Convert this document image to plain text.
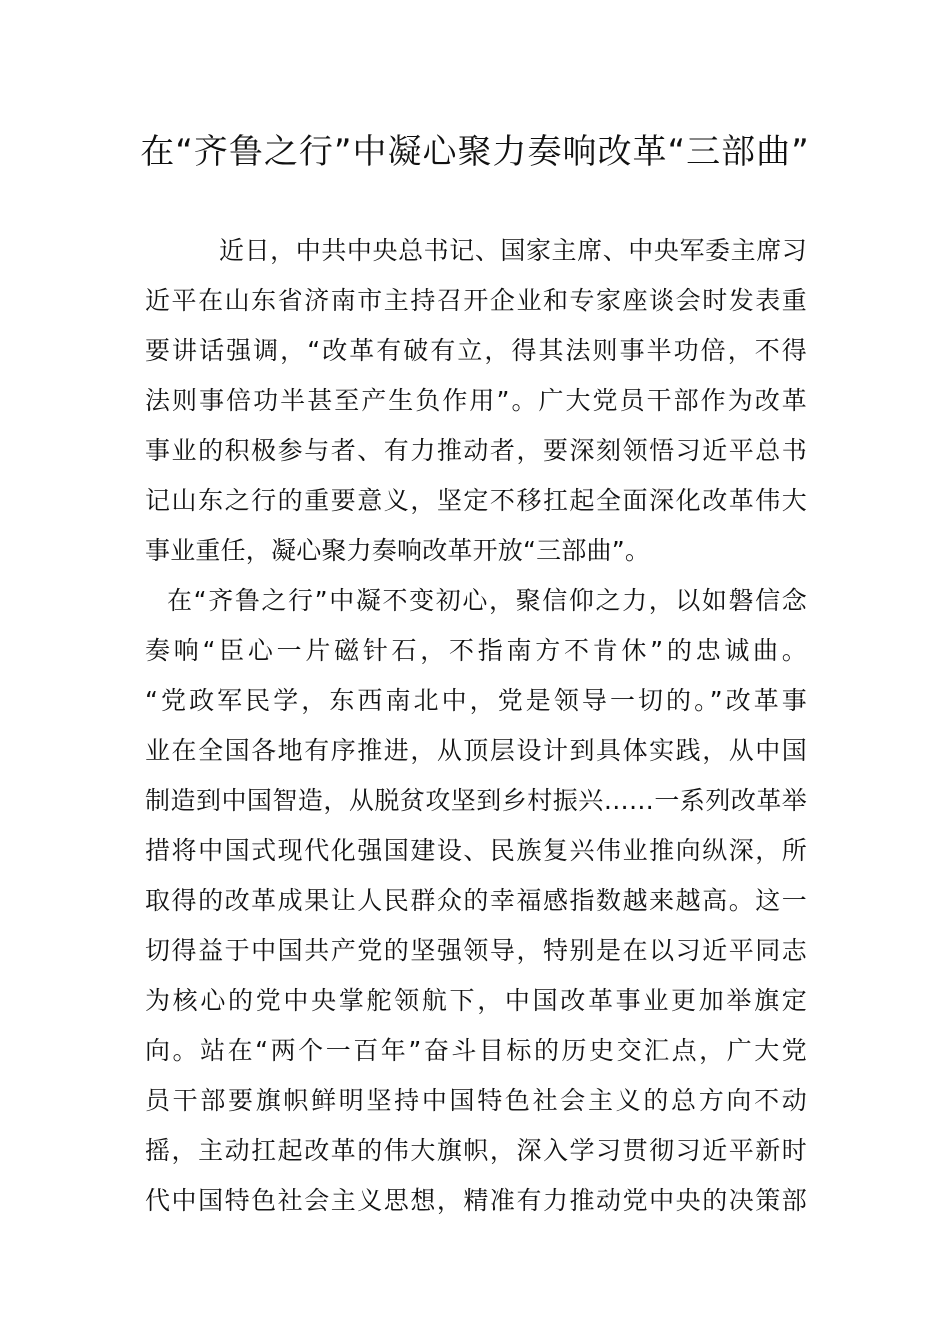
在“齐鲁之行”中凝心聚力奏响改革“三部曲”
近日，中共中央总书记、国家主席、中央军委主席习
近平在山东省济南市主持召开企业和专家座谈会时发表重
要讲话强调，“改革有破有立，得其法则事半功倍，不得
法则事倍功半甚至产生负作用”。广大党员干部作为改革
事业的积极参与者、有力推动者，要深刻领悟习近平总书
记山东之行的重要意义，坚定不移扛起全面深化改革伟大
事业重任，凝心聚力奏响改革开放“三部曲”。
在“齐鲁之行”中凝不变初心，聚信仰之力，以如磐信念
奏响“臣心一片磁针石，不指南方不肯休”的忠诚曲。
“党政军民学，东西南北中，党是领导一切的。”改革事
业在全国各地有序推进，从顶层设计到具体实践，从中国
制造到中国智造，从脱贫攻坚到乡村振兴……一系列改革举
措将中国式现代化强国建设、民族复兴伟业推向纵深，所
取得的改革成果让人民群众的幸福感指数越来越高。这一
切得益于中国共产党的坚强领导，特别是在以习近平同志
为核心的党中央掌舵领航下，中国改革事业更加举旗定
向。站在“两个一百年”奋斗目标的历史交汇点，广大党
员干部要旗帜鲜明坚持中国特色社会主义的总方向不动
摇，主动扛起改革的伟大旗帜，深入学习贯彻习近平新时
代中国特色社会主义思想，精准有力推动党中央的决策部
